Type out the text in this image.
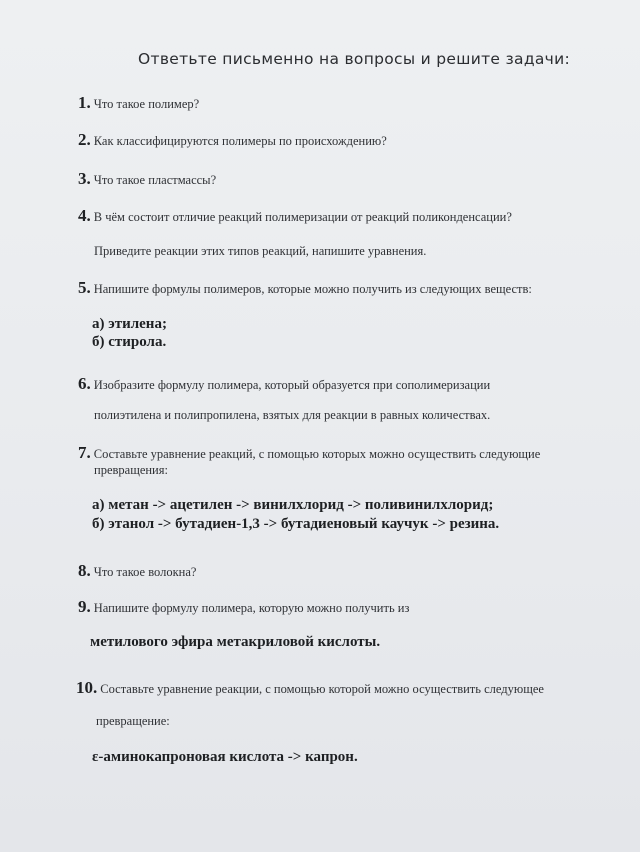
Ответьте письменно на вопросы и решите задачи:
1. Что такое полимер?
2. Как классифицируются полимеры по происхождению?
3. Что такое пластмассы?
4. В чём состоит отличие реакций полимеризации от реакций поликонденсации?
Приведите реакции этих типов реакций, напишите уравнения.
5. Напишите формулы полимеров, которые можно получить из следующих веществ:
а) этилена;
б) стирола.
6. Изобразите формулу полимера, который образуется при сополимеризации
полиэтилена и полипропилена, взятых для реакции в равных количествах.
7. Составьте уравнение реакций, с помощью которых можно осуществить следующие
превращения:
а) метан -> ацетилен -> винилхлорид -> поливинилхлорид;
б) этанол -> бутадиен-1,3 -> бутадиеновый каучук -> резина.
8. Что такое волокна?
9. Напишите формулу полимера, которую можно получить из
метилового эфира метакриловой кислоты.
10. Составьте уравнение реакции, с помощью которой можно осуществить следующее
превращение:
ε-аминокапроновая кислота -> капрон.
